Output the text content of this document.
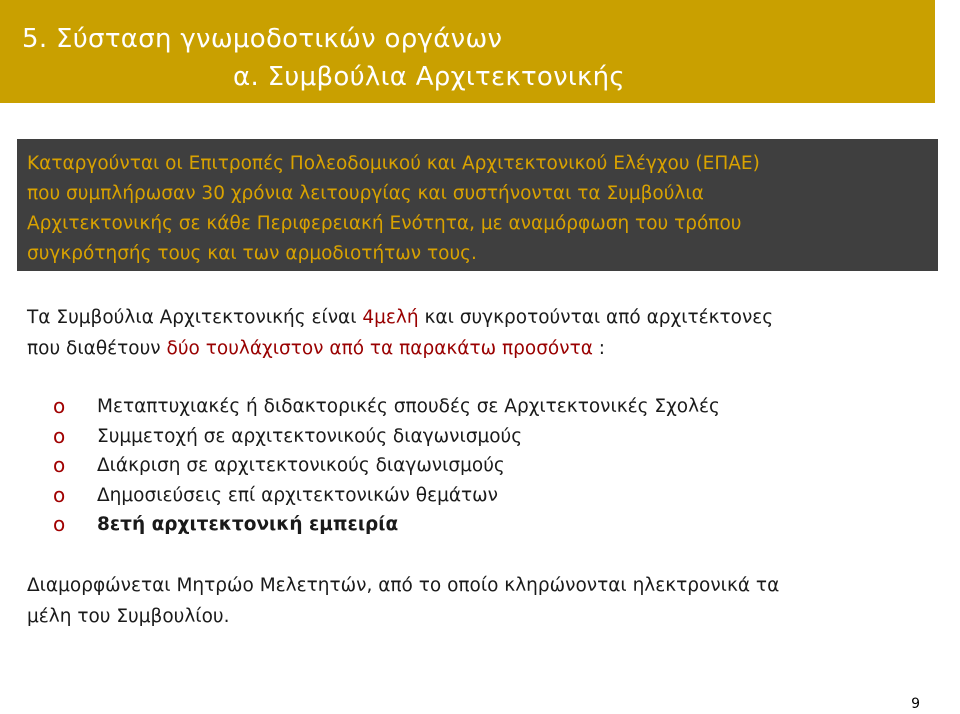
5. Σύσταση γνωμοδοτικών οργάνων
α. Συμβούλια Αρχιτεκτονικής
Καταργούνται οι Επιτροπές Πολεοδομικού και Αρχιτεκτονικού Ελέγχου (ΕΠΑΕ)
που συμπλήρωσαν 30 χρόνια λειτουργίας και συστήνονται τα Συμβούλια
Αρχιτεκτονικής σε κάθε Περιφερειακή Ενότητα, με αναμόρφωση του τρόπου
συγκρότησής τους και των αρμοδιοτήτων τους.
Τα Συμβούλια Αρχιτεκτονικής είναι 4μελή και συγκροτούνται από αρχιτέκτονες
που διαθέτουν δύο τουλάχιστον από τα παρακάτω προσόντα :
o Μεταπτυχιακές ή διδακτορικές σπουδές σε Αρχιτεκτονικές Σχολές
o Συμμετοχή σε αρχιτεκτονικούς διαγωνισμούς
o Διάκριση σε αρχιτεκτονικούς διαγωνισμούς
o Δημοσιεύσεις επί αρχιτεκτονικών θεμάτων
o 8ετή αρχιτεκτονική εμπειρία
Διαμορφώνεται Μητρώο Μελετητών, από το οποίο κληρώνονται ηλεκτρονικά τα
μέλη του Συμβουλίου.
9
